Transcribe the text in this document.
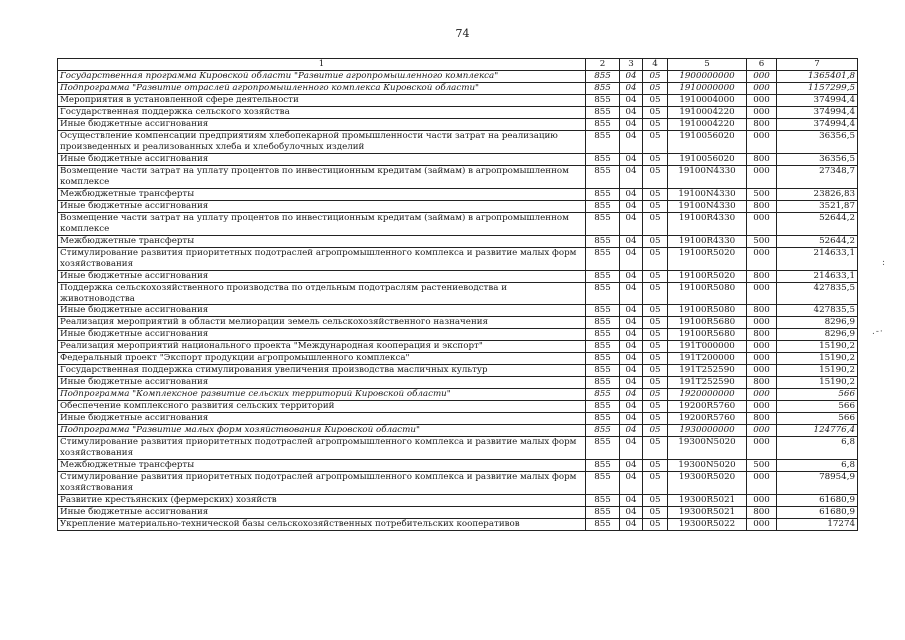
74
1	2	3	4	5	6	7
Государственная программа Кировской области "Развитие агропромышленного комплекса"	855	04	05	1900000000	000	1365401,8
Подпрограмма "Развитие отраслей агропромышленного комплекса Кировской области"	855	04	05	1910000000	000	1157299,5
Мероприятия в установленной сфере деятельности	855	04	05	1910004000	000	374994,4
Государственная поддержка сельского хозяйства	855	04	05	1910004220	000	374994,4
Иные бюджетные ассигнования	855	04	05	1910004220	800	374994,4
Осуществление компенсации предприятиям хлебопекарной промышленности части затрат на реализацию произведенных и реализованных хлеба и хлебобулочных изделий	855	04	05	1910056020	000	36356,5
Иные бюджетные ассигнования	855	04	05	1910056020	800	36356,5
Возмещение части затрат на уплату процентов по инвестиционным кредитам (займам) в агропромышленном комплексе	855	04	05	19100N4330	000	27348,7
Межбюджетные трансферты	855	04	05	19100N4330	500	23826,83
Иные бюджетные ассигнования	855	04	05	19100N4330	800	3521,87
Возмещение части затрат на уплату процентов по инвестиционным кредитам (займам) в агропромышленном комплексе	855	04	05	19100R4330	000	52644,2
Межбюджетные трансферты	855	04	05	19100R4330	500	52644,2
Стимулирование развития приоритетных подотраслей агропромышленного комплекса и развитие малых форм хозяйствования	855	04	05	19100R5020	000	214633,1
Иные бюджетные ассигнования	855	04	05	19100R5020	800	214633,1
Поддержка сельскохозяйственного производства по отдельным подотраслям растениеводства и животноводства	855	04	05	19100R5080	000	427835,5
Иные бюджетные ассигнования	855	04	05	19100R5080	800	427835,5
Реализация мероприятий в области мелиорации земель сельскохозяйственного назначения	855	04	05	19100R5680	000	8296,9
Иные бюджетные ассигнования	855	04	05	19100R5680	800	8296,9
Реализация мероприятий национального проекта "Международная кооперация и экспорт"	855	04	05	191T000000	000	15190,2
Федеральный проект "Экспорт продукции агропромышленного комплекса"	855	04	05	191T200000	000	15190,2
Государственная поддержка стимулирования увеличения производства масличных культур	855	04	05	191T252590	000	15190,2
Иные бюджетные ассигнования	855	04	05	191T252590	800	15190,2
Подпрограмма "Комплексное развитие сельских территорий Кировской области"	855	04	05	1920000000	000	566
Обеспечение комплексного развития сельских территорий	855	04	05	19200R5760	000	566
Иные бюджетные ассигнования	855	04	05	19200R5760	800	566
Подпрограмма "Развитие малых форм хозяйствования Кировской области"	855	04	05	1930000000	000	124776,4
Стимулирование развития приоритетных подотраслей агропромышленного комплекса и развитие малых форм хозяйствования	855	04	05	19300N5020	000	6,8
Межбюджетные трансферты	855	04	05	19300N5020	500	6,8
Стимулирование развития приоритетных подотраслей агропромышленного комплекса и развитие малых форм хозяйствования	855	04	05	19300R5020	000	78954,9
Развитие крестьянских (фермерских) хозяйств	855	04	05	19300R5021	000	61680,9
Иные бюджетные ассигнования	855	04	05	19300R5021	800	61680,9
Укрепление материально-технической базы сельскохозяйственных потребительских кооперативов	855	04	05	19300R5022	000	17274
:
.-·
